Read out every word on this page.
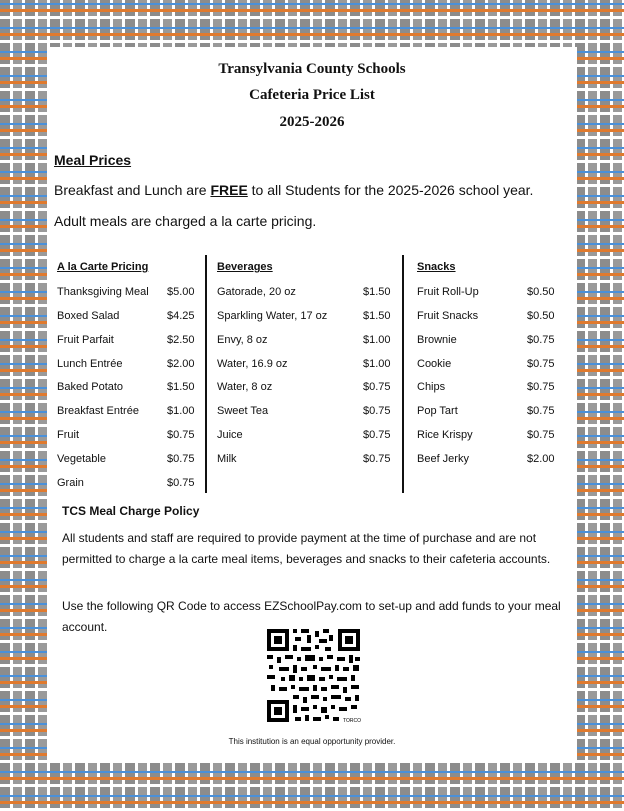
Transylvania County Schools
Cafeteria Price List
2025-2026
Meal Prices
Breakfast and Lunch are FREE to all Students for the 2025-2026 school year.
Adult meals are charged a la carte pricing.
A la Carte Pricing
Thanksgiving Meal $5.00
Boxed Salad	$4.25
Fruit Parfait	$2.50
Lunch Entrée	$2.00
Baked Potato	$1.50
Breakfast Entrée	$1.00
Fruit	$0.75
Vegetable	$0.75
Grain	$0.75
Beverages
Gatorade, 20 oz	$1.50
Sparkling Water, 17 oz	$1.50
Envy, 8 oz	$1.00
Water, 16.9 oz	$1.00
Water, 8 oz	$0.75
Sweet Tea	$0.75
Juice	$0.75
Milk	$0.75
Snacks
Fruit Roll-Up	$0.50
Fruit Snacks	$0.50
Brownie	$0.75
Cookie	$0.75
Chips	$0.75
Pop Tart	$0.75
Rice Krispy	$0.75
Beef Jerky	$2.00
TCS Meal Charge Policy
All students and staff are required to provide payment at the time of purchase and are not permitted to charge a la carte meal items, beverages and snacks to their cafeteria accounts.
Use the following QR Code to access EZSchoolPay.com to set-up and add funds to your meal account.
TORCO
This institution is an equal opportunity provider.
